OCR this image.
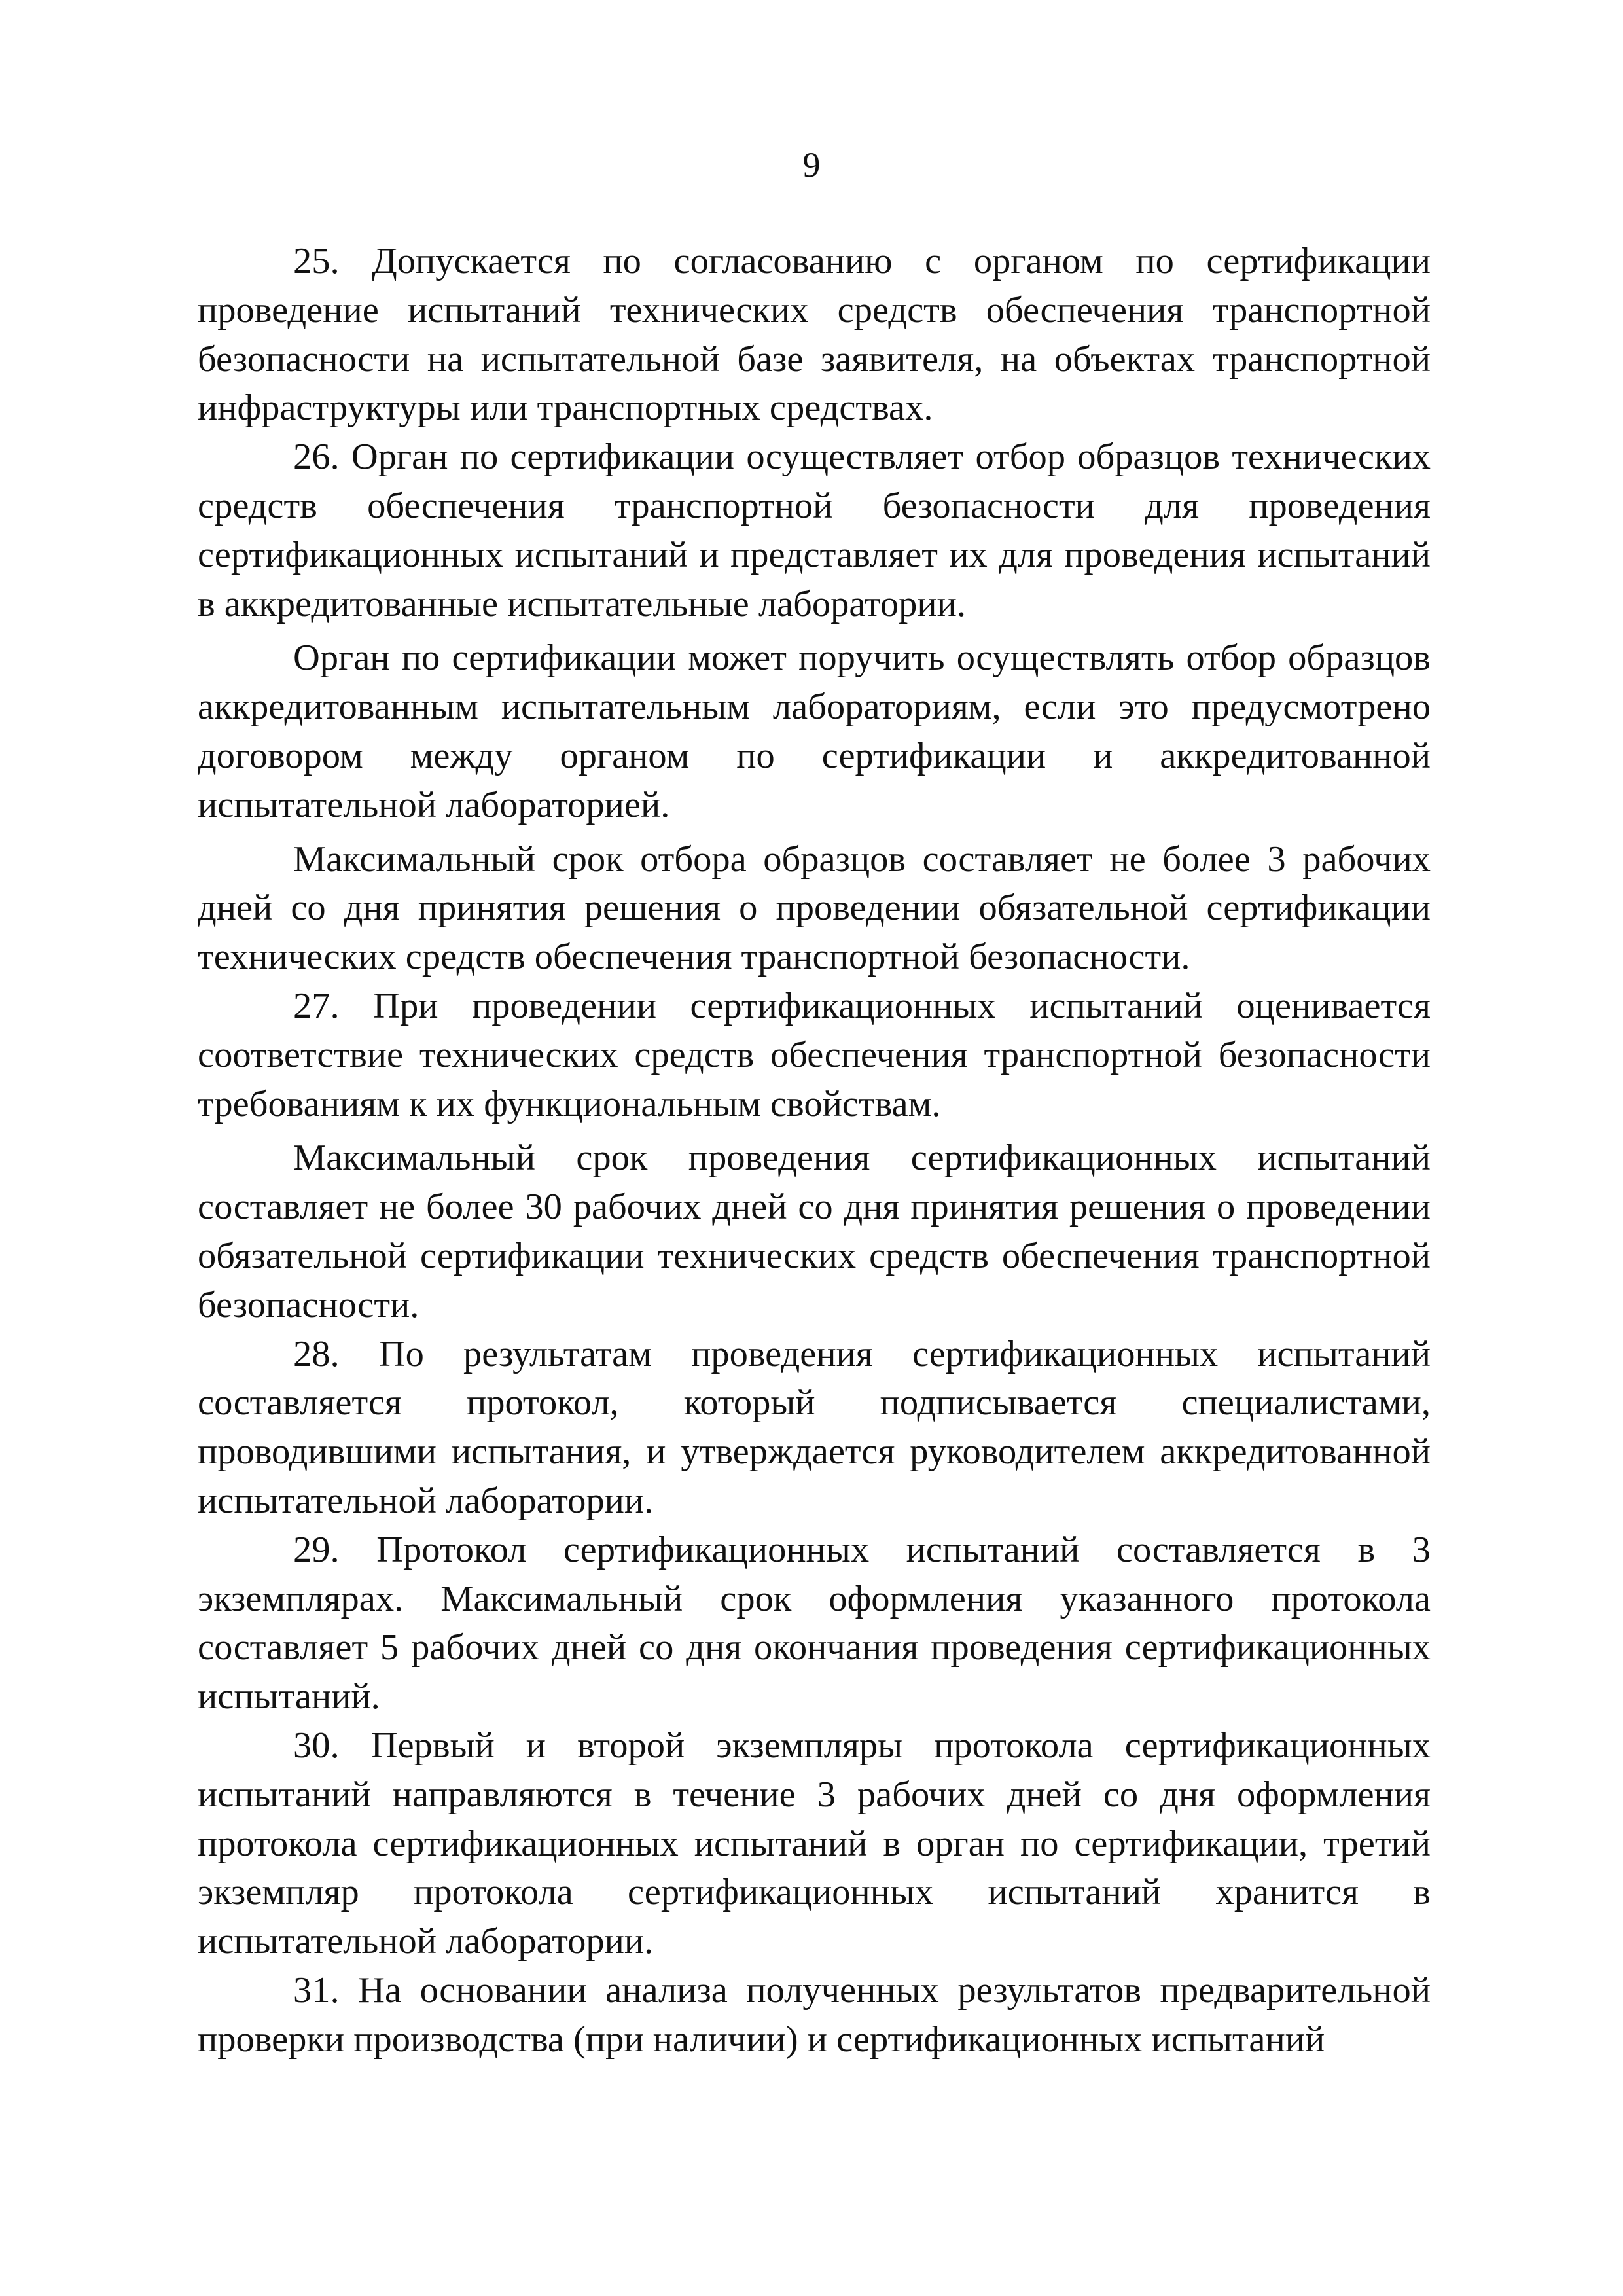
9

25. Допускается по согласованию с органом по сертификации проведение испытаний технических средств обеспечения транспортной безопасности на испытательной базе заявителя, на объектах транспортной инфраструктуры или транспортных средствах.

26. Орган по сертификации осуществляет отбор образцов технических средств обеспечения транспортной безопасности для проведения сертификационных испытаний и представляет их для проведения испытаний в аккредитованные испытательные лаборатории.

Орган по сертификации может поручить осуществлять отбор образцов аккредитованным испытательным лабораториям, если это предусмотрено договором между органом по сертификации и аккредитованной испытательной лабораторией.

Максимальный срок отбора образцов составляет не более 3 рабочих дней со дня принятия решения о проведении обязательной сертификации технических средств обеспечения транспортной безопасности.

27. При проведении сертификационных испытаний оценивается соответствие технических средств обеспечения транспортной безопасности требованиям к их функциональным свойствам.

Максимальный срок проведения сертификационных испытаний составляет не более 30 рабочих дней со дня принятия решения о проведении обязательной сертификации технических средств обеспечения транспортной безопасности.

28. По результатам проведения сертификационных испытаний составляется протокол, который подписывается специалистами, проводившими испытания, и утверждается руководителем аккредитованной испытательной лаборатории.

29. Протокол сертификационных испытаний составляется в 3 экземплярах. Максимальный срок оформления указанного протокола составляет 5 рабочих дней со дня окончания проведения сертификационных испытаний.

30. Первый и второй экземпляры протокола сертификационных испытаний направляются в течение 3 рабочих дней со дня оформления протокола сертификационных испытаний в орган по сертификации, третий экземпляр протокола сертификационных испытаний хранится в испытательной лаборатории.

31. На основании анализа полученных результатов предварительной проверки производства (при наличии) и сертификационных испытаний
